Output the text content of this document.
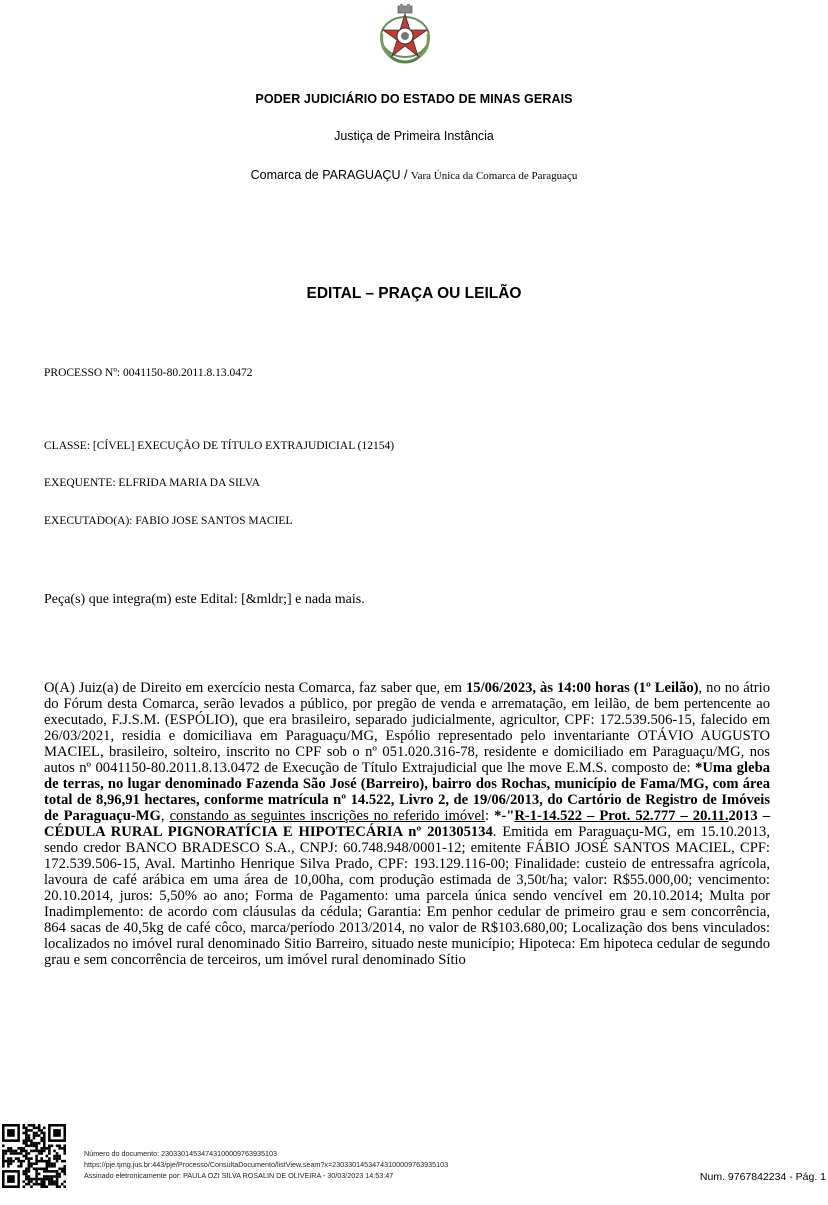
PODER JUDICIÁRIO DO ESTADO DE MINAS GERAIS
Justiça de Primeira Instância
Comarca de PARAGUAÇU / Vara Única da Comarca de Paraguaçu
EDITAL – PRAÇA OU LEILÃO
PROCESSO Nº: 0041150-80.2011.8.13.0472
CLASSE: [CÍVEL] EXECUÇÃO DE TÍTULO EXTRAJUDICIAL (12154)
EXEQUENTE: ELFRIDA MARIA DA SILVA
EXECUTADO(A): FABIO JOSE SANTOS MACIEL
Peça(s) que integra(m) este Edital: [&mldr;] e nada mais.
O(A) Juiz(a) de Direito em exercício nesta Comarca, faz saber que, em 15/06/2023, às 14:00 horas (1º Leilão), no no átrio do Fórum desta Comarca, serão levados a público, por pregão de venda e arrematação, em leilão, de bem pertencente ao executado, F.J.S.M. (ESPÓLIO), que era brasileiro, separado judicialmente, agricultor, CPF: 172.539.506-15, falecido em 26/03/2021, residia e domiciliava em Paraguaçu/MG, Espólio representado pelo inventariante OTÁVIO AUGUSTO MACIEL, brasileiro, solteiro, inscrito no CPF sob o nº 051.020.316-78, residente e domiciliado em Paraguaçu/MG, nos autos nº 0041150-80.2011.8.13.0472 de Execução de Título Extrajudicial que lhe move E.M.S. composto de: *Uma gleba de terras, no lugar denominado Fazenda São José (Barreiro), bairro dos Rochas, município de Fama/MG, com área total de 8,96,91 hectares, conforme matrícula nº 14.522, Livro 2, de 19/06/2013, do Cartório de Registro de Imóveis de Paraguaçu-MG, constando as seguintes inscrições no referido imóvel: *-"R-1-14.522 – Prot. 52.777 – 20.11.2013 – CÉDULA RURAL PIGNORATÍCIA E HIPOTECÁRIA nº 201305134. Emitida em Paraguaçu-MG, em 15.10.2013, sendo credor BANCO BRADESCO S.A., CNPJ: 60.748.948/0001-12; emitente FÁBIO JOSÉ SANTOS MACIEL, CPF: 172.539.506-15, Aval. Martinho Henrique Silva Prado, CPF: 193.129.116-00; Finalidade: custeio de entressafra agrícola, lavoura de café arábica em uma área de 10,00ha, com produção estimada de 3,50t/ha; valor: R$55.000,00; vencimento: 20.10.2014, juros: 5,50% ao ano; Forma de Pagamento: uma parcela única sendo vencível em 20.10.2014; Multa por Inadimplemento: de acordo com cláusulas da cédula; Garantia: Em penhor cedular de primeiro grau e sem concorrência, 864 sacas de 40,5kg de café côco, marca/período 2013/2014, no valor de R$103.680,00; Localização dos bens vinculados: localizados no imóvel rural denominado Sitio Barreiro, situado neste município; Hipoteca: Em hipoteca cedular de segundo grau e sem concorrência de terceiros, um imóvel rural denominado Sítio
Número do documento: 23033014534743100009763935103
https://pje.tjmg.jus.br:443/pje/Processo/ConsultaDocumento/listView.seam?x=23033014534743100009763935103
Assinado eletronicamente por: PAULA OZI SILVA ROSALIN DE OLIVEIRA - 30/03/2023 14:53:47	Num. 9767842234 - Pág. 1
